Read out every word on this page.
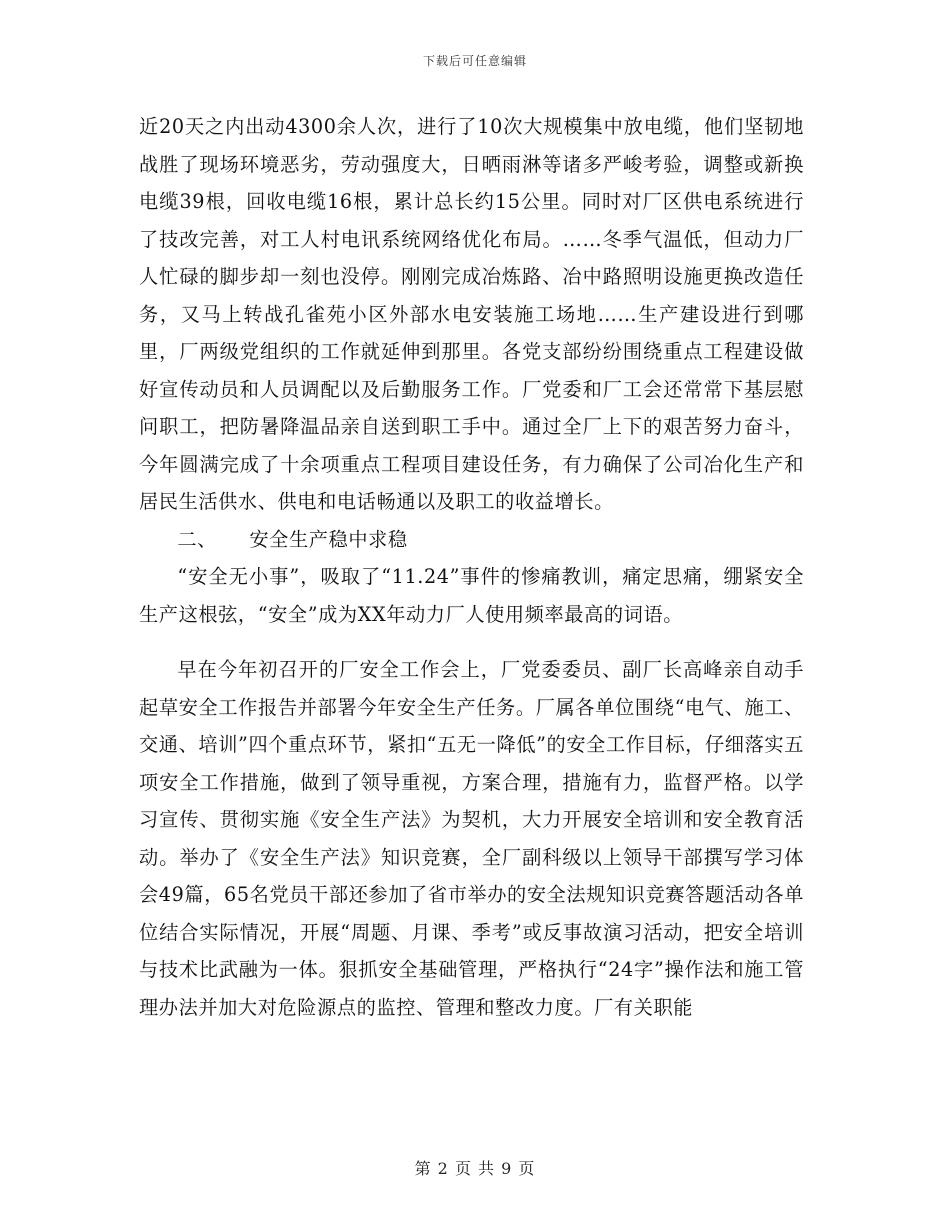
下载后可任意编辑

近20天之内出动4300余人次，进行了10次大规模集中放电缆，他们坚韧地战胜了现场环境恶劣，劳动强度大，日晒雨淋等诸多严峻考验，调整或新换电缆39根，回收电缆16根，累计总长约15公里。同时对厂区供电系统进行了技改完善，对工人村电讯系统网络优化布局。……冬季气温低，但动力厂人忙碌的脚步却一刻也没停。刚刚完成冶炼路、冶中路照明设施更换改造任务，又马上转战孔雀苑小区外部水电安装施工场地……生产建设进行到哪里，厂两级党组织的工作就延伸到那里。各党支部纷纷围绕重点工程建设做好宣传动员和人员调配以及后勤服务工作。厂党委和厂工会还常常下基层慰问职工，把防暑降温品亲自送到职工手中。通过全厂上下的艰苦努力奋斗，今年圆满完成了十余项重点工程项目建设任务，有力确保了公司冶化生产和居民生活供水、供电和电话畅通以及职工的收益增长。

二、 安全生产稳中求稳

“安全无小事”，吸取了“11.24”事件的惨痛教训，痛定思痛，绷紧安全生产这根弦，“安全”成为XX年动力厂人使用频率最高的词语。

早在今年初召开的厂安全工作会上，厂党委委员、副厂长高峰亲自动手起草安全工作报告并部署今年安全生产任务。厂属各单位围绕“电气、施工、交通、培训”四个重点环节，紧扣“五无一降低”的安全工作目标，仔细落实五项安全工作措施，做到了领导重视，方案合理，措施有力，监督严格。以学习宣传、贯彻实施《安全生产法》为契机，大力开展安全培训和安全教育活动。举办了《安全生产法》知识竞赛，全厂副科级以上领导干部撰写学习体会49篇，65名党员干部还参加了省市举办的安全法规知识竞赛答题活动各单位结合实际情况，开展“周题、月课、季考”或反事故演习活动，把安全培训与技术比武融为一体。狠抓安全基础管理，严格执行“24字”操作法和施工管理办法并加大对危险源点的监控、管理和整改力度。厂有关职能

第 2 页 共 9 页
